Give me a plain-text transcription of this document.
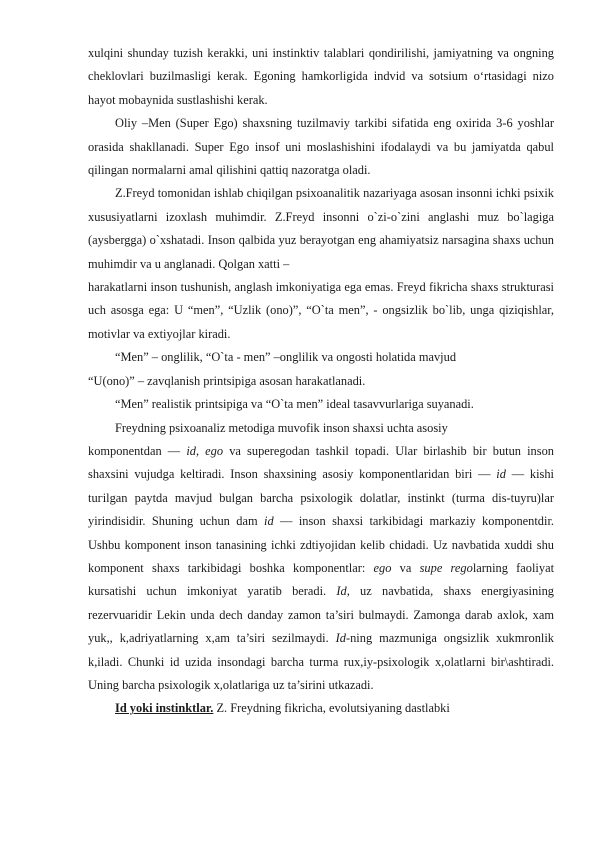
xulqini shunday tuzish kerakki, uni instinktiv talablari qondirilishi, jamiyatning va ongning cheklovlari buzilmasligi kerak. Egoning hamkorligida indvid va sotsium o‘rtasidagi nizo hayot mobaynida sustlashishi kerak.

Oliy –Men (Super Ego) shaxsning tuzilmaviy tarkibi sifatida eng oxirida 3-6 yoshlar orasida shakllanadi. Super Ego insof uni moslashishini ifodalaydi va bu jamiyatda qabul qilingan normalarni amal qilishini qattiq nazoratga oladi.

Z.Freyd tomonidan ishlab chiqilgan psixoanalitik nazariyaga asosan insonni ichki psixik xususiyatlarni izoxlash muhimdir. Z.Freyd insonni o`zi-o`zini anglashi muz bo`lagiga (aysbergga) o`xshatadi. Inson qalbida yuz berayotgan eng ahamiyatsiz narsagina shaxs uchun muhimdir va u anglanadi. Qolgan xatti –

harakatlarni inson tushunish, anglash imkoniyatiga ega emas. Freyd fikricha shaxs strukturasi uch asosga ega: U “men”, “Uzlik (ono)”, “O`ta men”, - ongsizlik bo`lib, unga qiziqishlar, motivlar va extiyojlar kiradi.

“Men” – onglilik, “O`ta - men” –onglilik va ongosti holatida mavjud

“U(ono)” – zavqlanish printsipiga asosan harakatlanadi.

“Men” realistik printsipiga va “O`ta men” ideal tasavvurlariga suyanadi.

Freydning psixoanaliz metodiga muvofik inson shaxsi uchta asosiy

komponentdan — id, ego va superegodan tashkil topadi. Ular birlashib bir butun inson shaxsini vujudga keltiradi. Inson shaxsining asosiy komponentlaridan biri — id — kishi tuгilgan paytda mavjud bulgan barcha psixologik dolatlar, instinkt (turma dis-tuyru)lar yirindisidir. Shuning uchun dam id — inson shaxsi tarkibidagi markaziy komponentdir. Ushbu komponent inson tanasining ichki zdtiyojidan kelib chidadi. Uz navbatida xuddi shu komponent shaxs tarkibidagi boshka komponentlar: ego va supe regolarning faoliyat kursatishi uchun imkoniyat yaratib beradi. Id, uz navbatida, shaxs energiyasining rezervuaridir Lekin unda dech danday zamon ta’siri bulmaydi. Zamonga darab axlok, xam yuk,, k,adriyatlarning x,am ta’siri sezilmaydi. Id-ning mazmuniga ongsizlik xukmronlik k,iladi. Chunki id uzida insondagi barcha turma rux,iy-psixologik x,olatlarni bir\ashtiradi. Uning barcha psixologik x,olatlariga uz ta’sirini utkazadi.

Id yoki instinktlar. Z. Freydning fikricha, evolutsiyaning dastlabki
